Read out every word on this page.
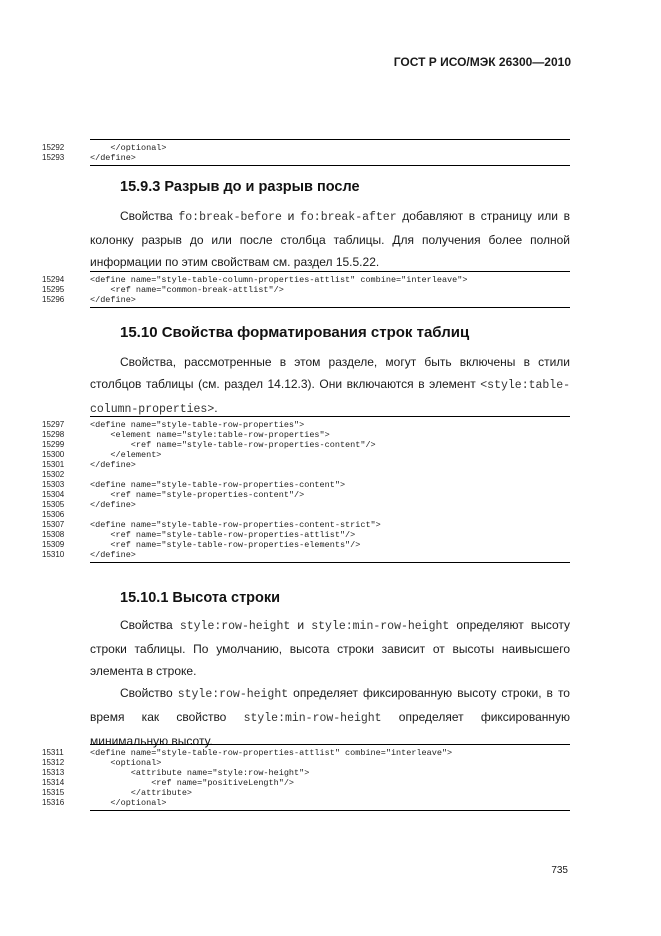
ГОСТ Р ИСО/МЭК 26300—2010
15292	</optional>
15293	</define>
15.9.3 Разрыв до и разрыв после

Свойства fo:break-before и fo:break-after добавляют в страницу или в колонку разрыв до или после столбца таблицы. Для получения более полной информации по этим свойствам см. раздел 15.5.22.

15294	<define name="style-table-column-properties-attlist" combine="interleave">
15295	<ref name="common-break-attlist"/>
15296	</define>
15.10 Свойства форматирования строк таблиц

Свойства, рассмотренные в этом разделе, могут быть включены в стили столбцов таблицы (см. раздел 14.12.3). Они включаются в элемент <style:table-column-properties>.

15297	<define name="style-table-row-properties">
15298	<element name="style:table-row-properties">
15299	<ref name="style-table-row-properties-content"/>
15300	</element>
15301	</define>
15302
15303	<define name="style-table-row-properties-content">
15304	<ref name="style-properties-content"/>
15305	</define>
15306
15307	<define name="style-table-row-properties-content-strict">
15308	<ref name="style-table-row-properties-attlist"/>
15309	<ref name="style-table-row-properties-elements"/>
15310	</define>
15.10.1 Высота строки

Свойства style:row-height и style:min-row-height определяют высоту строки таблицы. По умолчанию, высота строки зависит от высоты наивысшего элемента в строке.

Свойство style:row-height определяет фиксированную высоту строки, в то время как свойство style:min-row-height определяет фиксированную минимальную высоту.

15311	<define name="style-table-row-properties-attlist" combine="interleave">
15312	<optional>
15313	<attribute name="style:row-height">
15314	<ref name="positiveLength"/>
15315	</attribute>
15316	</optional>
735
